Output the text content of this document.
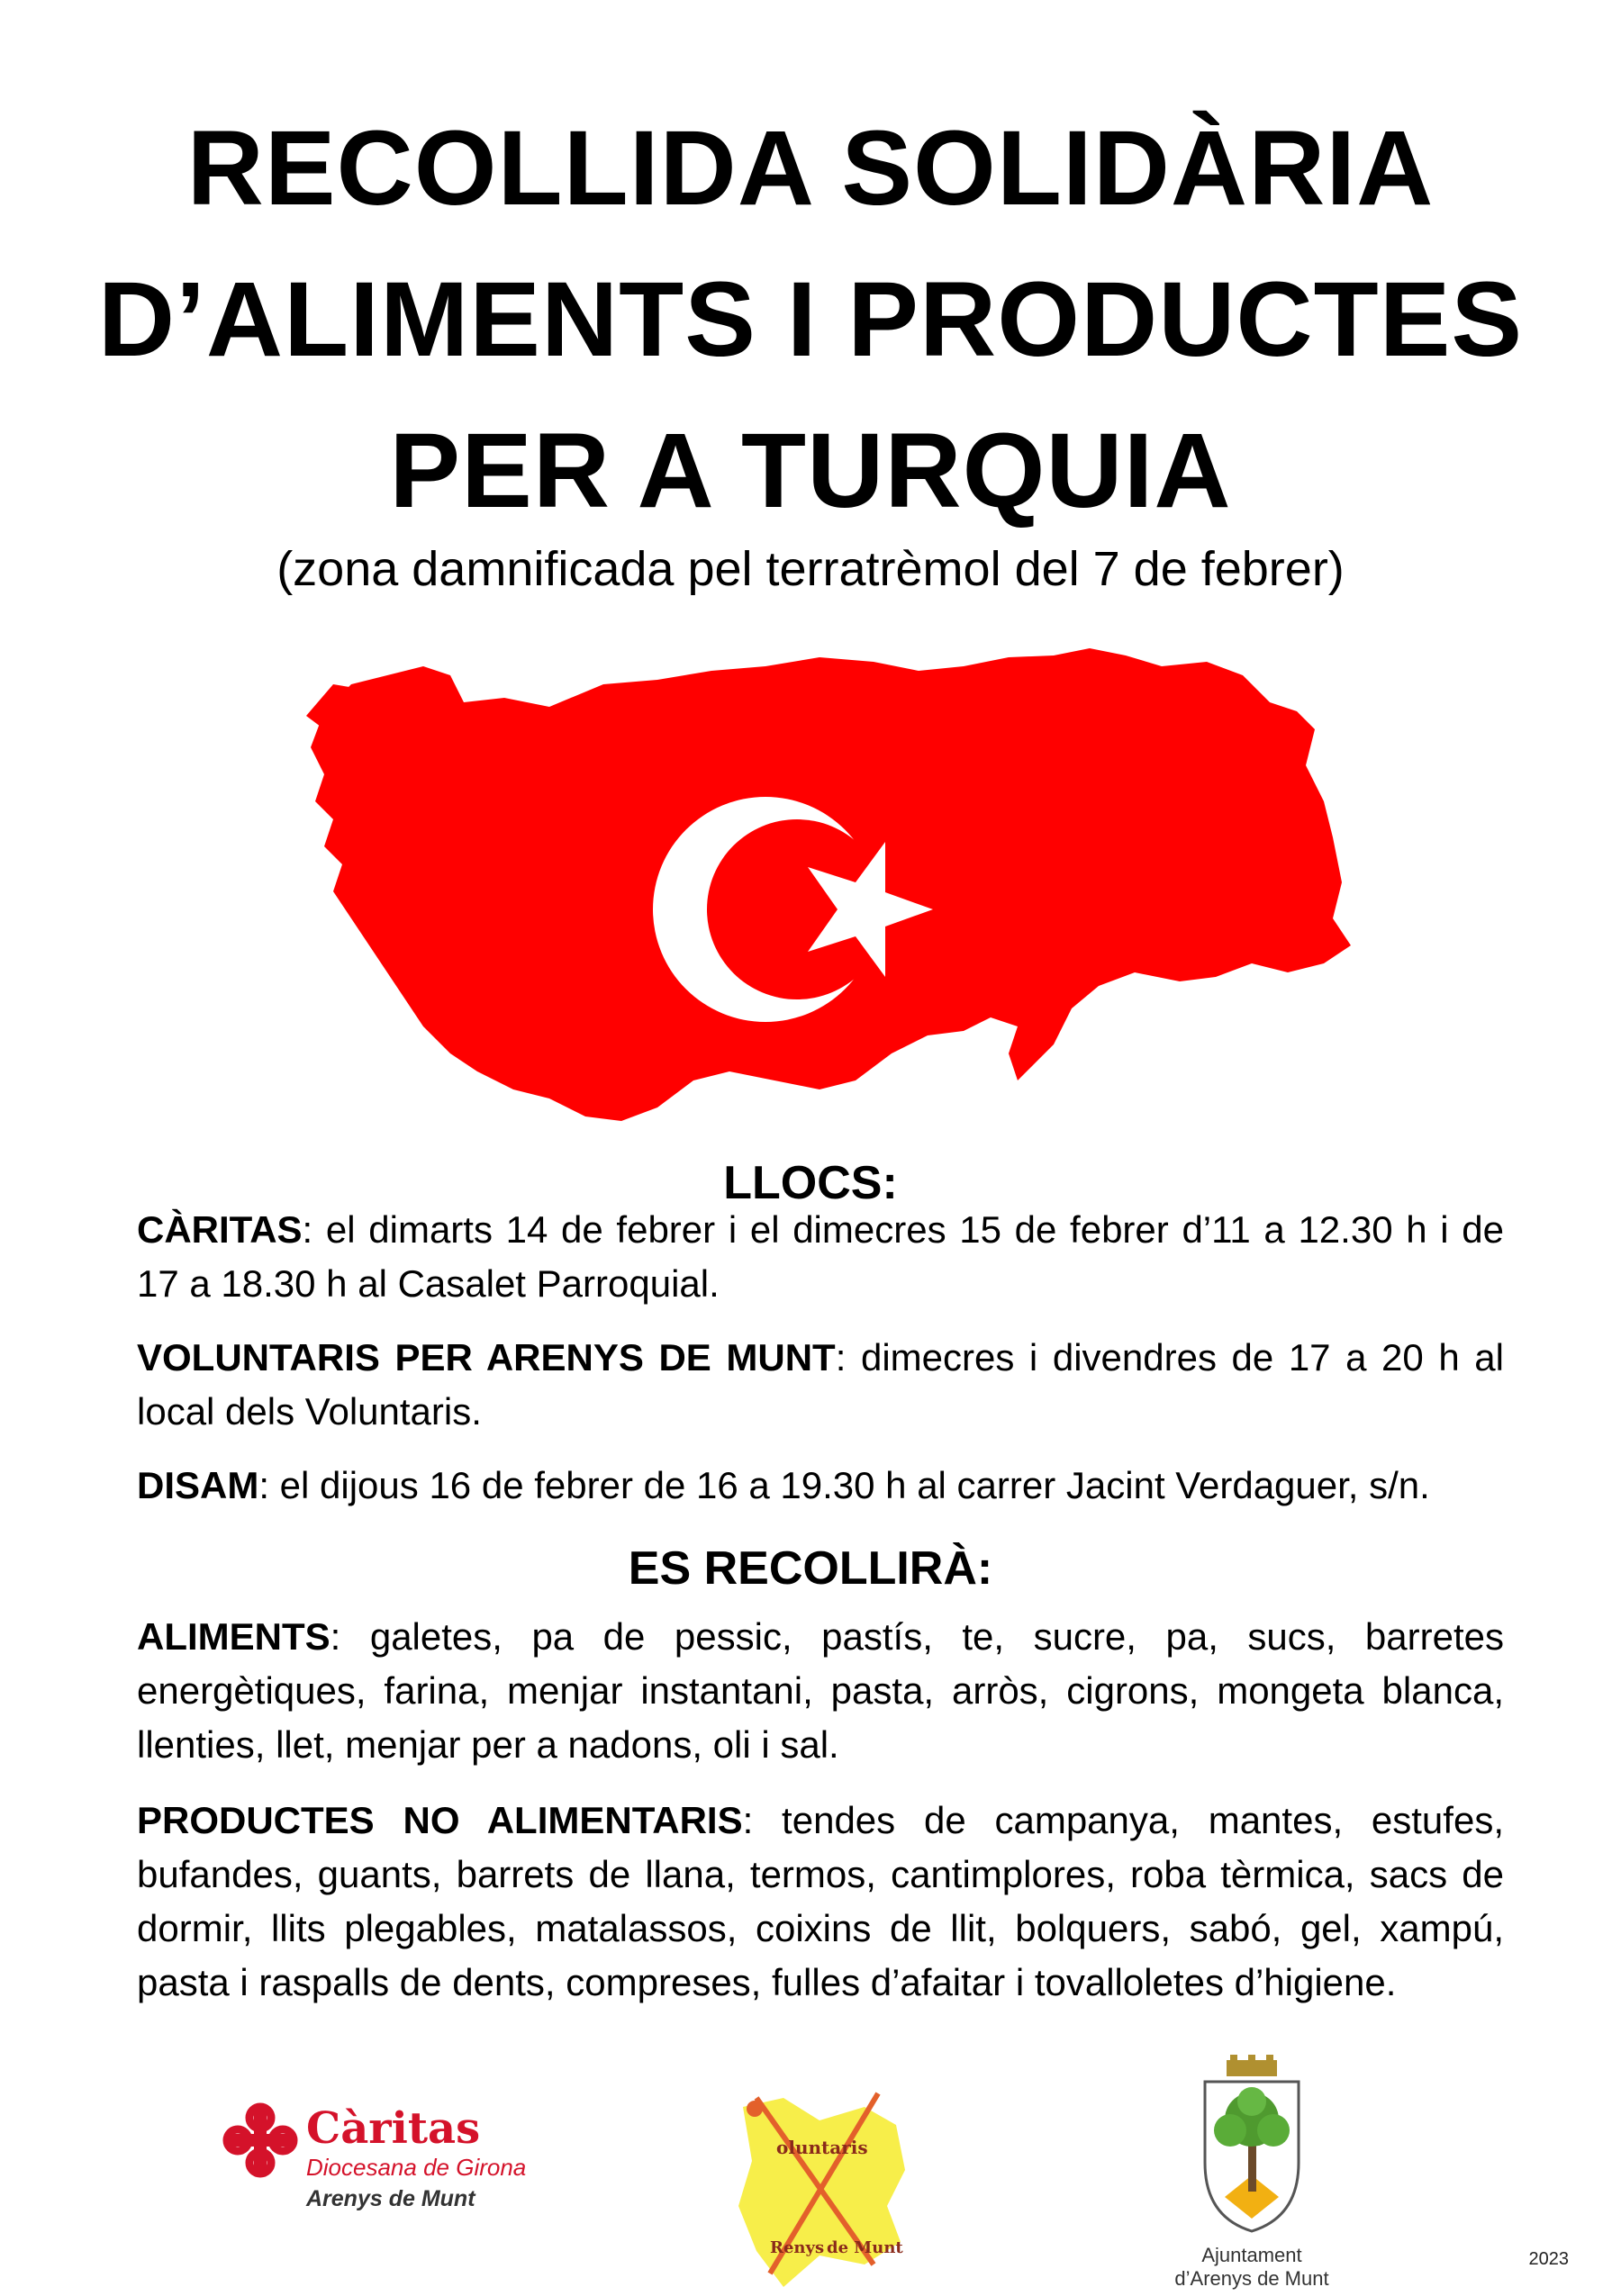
RECOLLIDA SOLIDÀRIA
D’ALIMENTS I PRODUCTES
PER A TURQUIA

(zona damnificada pel terratrèmol del 7 de febrer)

LLOCS:

CÀRITAS: el dimarts 14 de febrer i el dimecres 15 de febrer d’11 a 12.30 h i de 17 a 18.30 h al Casalet Parroquial.

VOLUNTARIS PER ARENYS DE MUNT: dimecres i divendres de 17 a 20 h al local dels Voluntaris.

DISAM: el dijous 16 de febrer de 16 a 19.30 h al carrer Jacint Verdaguer, s/n.

ES RECOLLIRÀ:

ALIMENTS: galetes, pa de pessic, pastís, te, sucre, pa, sucs, barretes energètiques, farina, menjar instantani, pasta, arròs, cigrons, mongeta blanca, llenties, llet, menjar per a nadons, oli i sal.

PRODUCTES NO ALIMENTARIS: tendes de campanya, mantes, estufes, bufandes, guants, barrets de llana, termos, cantimplores, roba tèrmica, sacs de dormir, llits plegables, matalassos, coixins de llit, bolquers, sabó, gel, xampú, pasta i raspalls de dents, compreses, fulles d’afaitar i tovalloletes d’higiene.

Càritas
Diocesana de Girona
Arenys de Munt
oluntaris
Renys de Munt	Ajuntament
d’Arenys de Munt
2023
